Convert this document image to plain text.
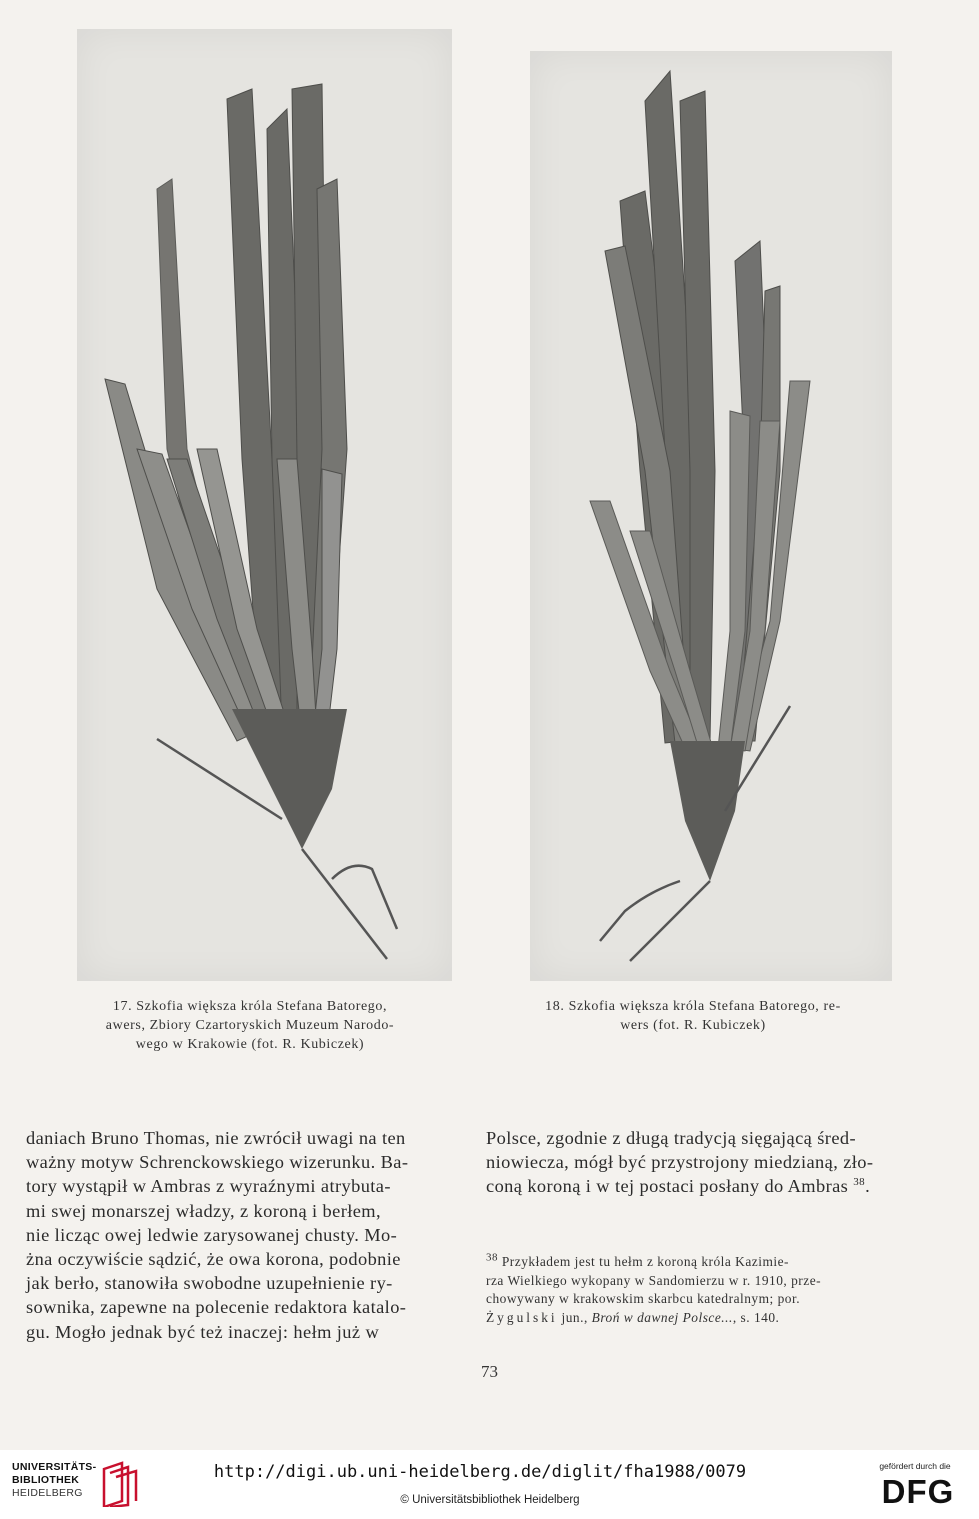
17. Szkofia większa króla Stefana Batorego,
awers, Zbiory Czartoryskich Muzeum Narodo-
wego w Krakowie (fot. R. Kubiczek)
18. Szkofia większa króla Stefana Batorego, re-
wers (fot. R. Kubiczek)
daniach Bruno Thomas, nie zwrócił uwagi na ten
ważny motyw Schrenckowskiego wizerunku. Ba-
tory wystąpił w Ambras z wyraźnymi atrybuta-
mi swej monarszej władzy, z koroną i berłem,
nie licząc owej ledwie zarysowanej chusty. Mo-
żna oczywiście sądzić, że owa korona, podobnie
jak berło, stanowiła swobodne uzupełnienie ry-
sownika, zapewne na polecenie redaktora katalo-
gu. Mogło jednak być też inaczej: hełm już w
Polsce, zgodnie z długą tradycją sięgającą śred-
niowiecza, mógł być przystrojony miedzianą, zło-
coną koroną i w tej postaci posłany do Ambras $^{38}$.
$^{38}$ Przykładem jest tu hełm z koroną króla Kazimie-
rza Wielkiego wykopany w Sandomierzu w r. 1910, prze-
chowywany w krakowskim skarbcu katedralnym; por.
Żygulski jun., Broń w dawnej Polsce..., s. 140.
73
UNIVERSITÄTS-
BIBLIOTHEK
HEIDELBERG
http://digi.ub.uni-heidelberg.de/diglit/fha1988/0079
© Universitätsbibliothek Heidelberg
gefördert durch die
DFG
